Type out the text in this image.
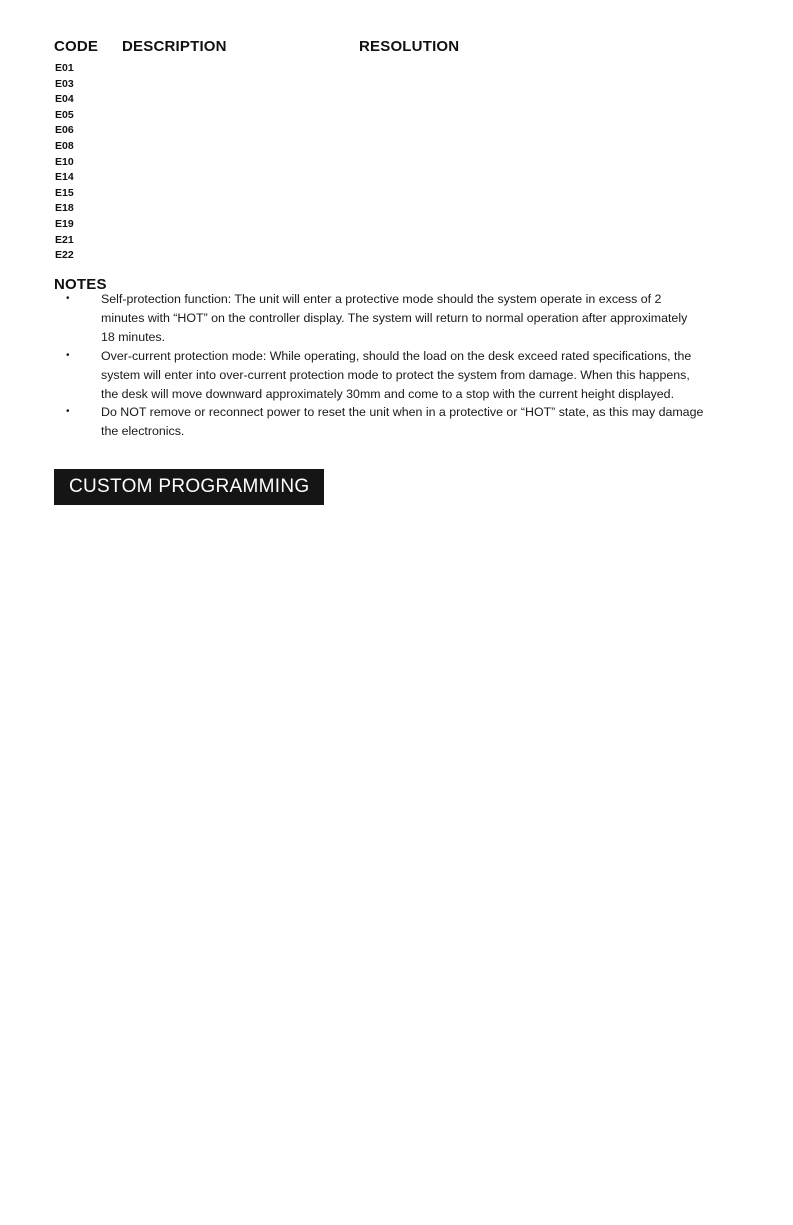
CODE DESCRIPTION	RESOLUTION
E01
E03
E04
E05
E06
E08
E10
E14
E15
E18
E19
E21
E22
NOTES
•	Self-protection function: The unit will enter a protective mode should the system operate in excess of 2 minutes with “HOT” on the controller display. The system will return to normal operation after approximately 18 minutes.
•	Over-current protection mode: While operating, should the load on the desk exceed rated specifications, the system will enter into over-current protection mode to protect the system from damage. When this happens, the desk will move downward approximately 30mm and come to a stop with the current height displayed.
•	Do NOT remove or reconnect power to reset the unit when in a protective or “HOT” state, as this may damage the electronics.
CUSTOM PROGRAMMING
